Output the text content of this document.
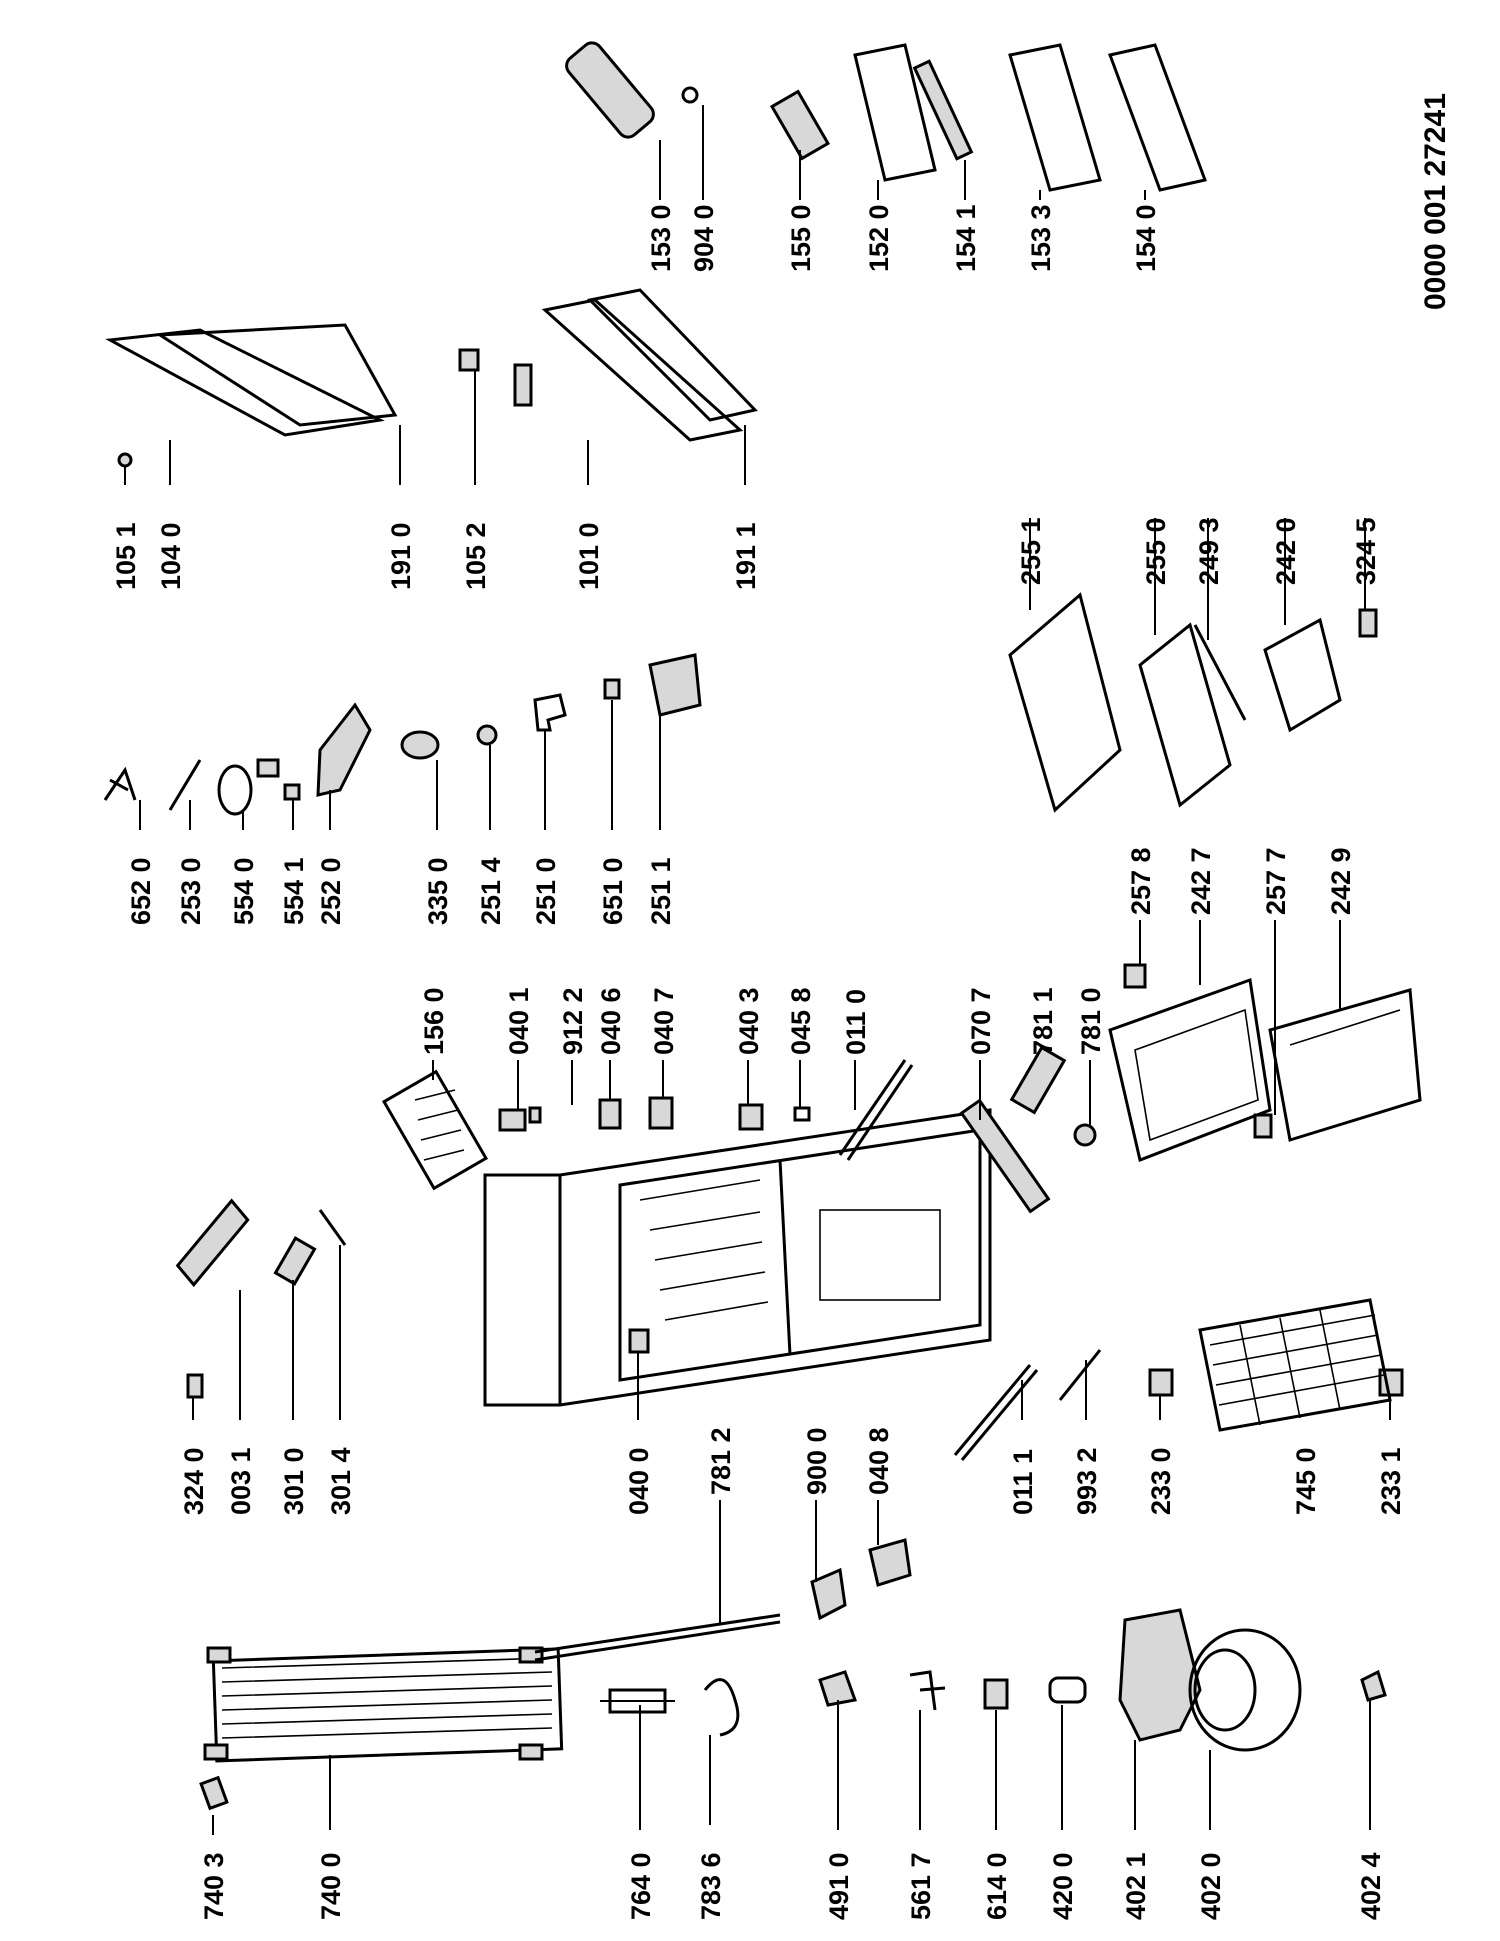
740 3	740 0	764 0 783 6	491 0 561 7 614 0 420 0 402 1 402 0	402 4
781 2 900 0 040 8
324 0 003 1 301 0 301 4	040 0	011 1 993 2 233 0	745 0 233 1
156 0 040 1 912 2 040 6 040 7 040 3 045 8 011 0	070 7 781 1 781 0
257 8 242 7 257 7 242 9
652 0 253 0 554 0 554 1 252 0	335 0 251 4 251 0 651 0 251 1
255 1	255 0 249 3 242 0 324 5
105 1 104 0	191 0 105 2	101 0	191 1
153 0 904 0 155 0 152 0 154 1 153 3	154 0	0000 001 27241
